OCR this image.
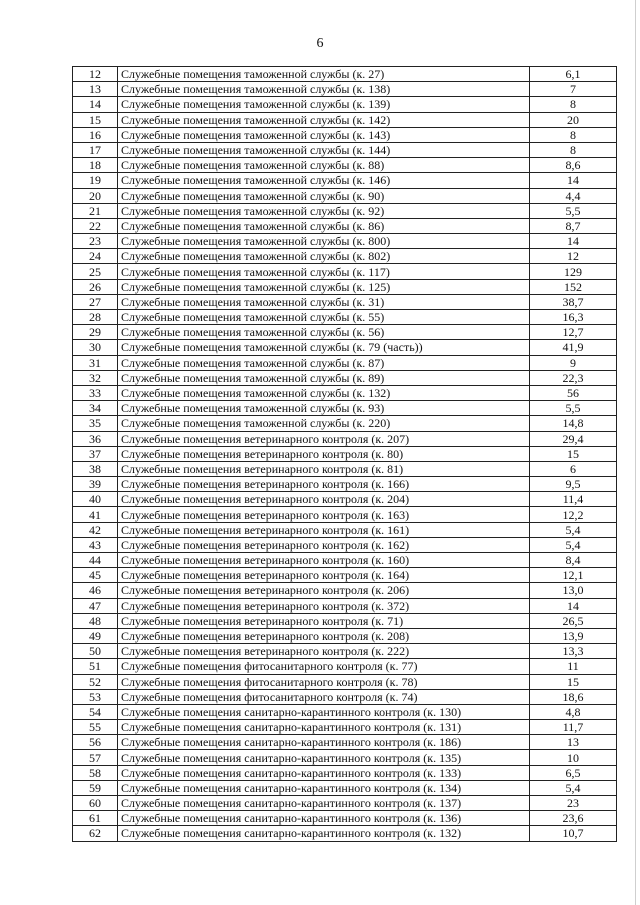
6
12	Служебные помещения таможенной службы (к. 27)	6,1
13	Служебные помещения таможенной службы (к. 138)	7
14	Служебные помещения таможенной службы (к. 139)	8
15	Служебные помещения таможенной службы (к. 142)	20
16	Служебные помещения таможенной службы (к. 143)	8
17	Служебные помещения таможенной службы (к. 144)	8
18	Служебные помещения таможенной службы (к. 88)	8,6
19	Служебные помещения таможенной службы (к. 146)	14
20	Служебные помещения таможенной службы (к. 90)	4,4
21	Служебные помещения таможенной службы (к. 92)	5,5
22	Служебные помещения таможенной службы (к. 86)	8,7
23	Служебные помещения таможенной службы (к. 800)	14
24	Служебные помещения таможенной службы (к. 802)	12
25	Служебные помещения таможенной службы (к. 117)	129
26	Служебные помещения таможенной службы (к. 125)	152
27	Служебные помещения таможенной службы (к. 31)	38,7
28	Служебные помещения таможенной службы (к. 55)	16,3
29	Служебные помещения таможенной службы (к. 56)	12,7
30	Служебные помещения таможенной службы (к. 79 (часть))	41,9
31	Служебные помещения таможенной службы (к. 87)	9
32	Служебные помещения таможенной службы (к. 89)	22,3
33	Служебные помещения таможенной службы (к. 132)	56
34	Служебные помещения таможенной службы (к. 93)	5,5
35	Служебные помещения таможенной службы (к. 220)	14,8
36	Служебные помещения ветеринарного контроля (к. 207)	29,4
37	Служебные помещения ветеринарного контроля (к. 80)	15
38	Служебные помещения ветеринарного контроля (к. 81)	6
39	Служебные помещения ветеринарного контроля (к. 166)	9,5
40	Служебные помещения ветеринарного контроля (к. 204)	11,4
41	Служебные помещения ветеринарного контроля (к. 163)	12,2
42	Служебные помещения ветеринарного контроля (к. 161)	5,4
43	Служебные помещения ветеринарного контроля (к. 162)	5,4
44	Служебные помещения ветеринарного контроля (к. 160)	8,4
45	Служебные помещения ветеринарного контроля (к. 164)	12,1
46	Служебные помещения ветеринарного контроля (к. 206)	13,0
47	Служебные помещения ветеринарного контроля (к. 372)	14
48	Служебные помещения ветеринарного контроля (к. 71)	26,5
49	Служебные помещения ветеринарного контроля (к. 208)	13,9
50	Служебные помещения ветеринарного контроля (к. 222)	13,3
51	Служебные помещения фитосанитарного контроля (к. 77)	11
52	Служебные помещения фитосанитарного контроля (к. 78)	15
53	Служебные помещения фитосанитарного контроля (к. 74)	18,6
54	Служебные помещения санитарно-карантинного контроля (к. 130)	4,8
55	Служебные помещения санитарно-карантинного контроля (к. 131)	11,7
56	Служебные помещения санитарно-карантинного контроля (к. 186)	13
57	Служебные помещения санитарно-карантинного контроля (к. 135)	10
58	Служебные помещения санитарно-карантинного контроля (к. 133)	6,5
59	Служебные помещения санитарно-карантинного контроля (к. 134)	5,4
60	Служебные помещения санитарно-карантинного контроля (к. 137)	23
61	Служебные помещения санитарно-карантинного контроля (к. 136)	23,6
62	Служебные помещения санитарно-карантинного контроля (к. 132)	10,7
